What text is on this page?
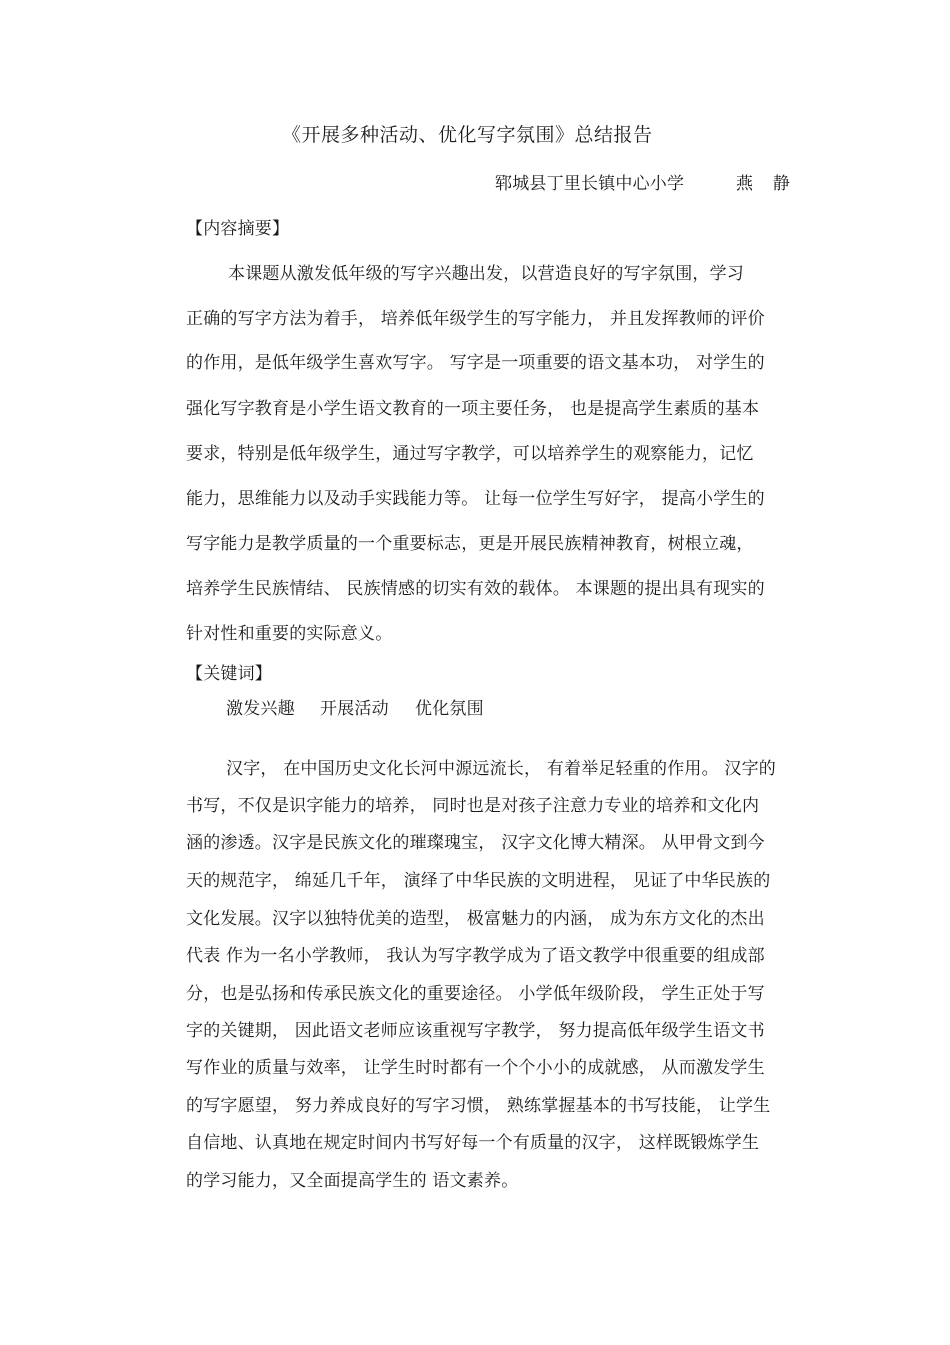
《开展多种活动、优化写字氛围》总结报告
郓城县丁里长镇中心小学	燕 静
【内容摘要】
本课题从激发低年级的写字兴趣出发，以营造良好的写字氛围，学习
正确的写字方法为着手， 培养低年级学生的写字能力， 并且发挥教师的评价
的作用，是低年级学生喜欢写字。 写字是一项重要的语文基本功， 对学生的
强化写字教育是小学生语文教育的一项主要任务， 也是提高学生素质的基本
要求，特别是低年级学生，通过写字教学，可以培养学生的观察能力，记忆
能力，思维能力以及动手实践能力等。 让每一位学生写好字， 提高小学生的
写字能力是教学质量的一个重要标志，更是开展民族精神教育，树根立魂，
培养学生民族情结、 民族情感的切实有效的载体。 本课题的提出具有现实的
针对性和重要的实际意义。
【关键词】
激发兴趣 开展活动 优化氛围
汉字， 在中国历史文化长河中源远流长， 有着举足轻重的作用。 汉字的
书写，不仅是识字能力的培养， 同时也是对孩子注意力专业的培养和文化内
涵的渗透。汉字是民族文化的璀璨瑰宝， 汉字文化博大精深。 从甲骨文到今
天的规范字， 绵延几千年， 演绎了中华民族的文明进程， 见证了中华民族的
文化发展。汉字以独特优美的造型， 极富魅力的内涵， 成为东方文化的杰出
代表 作为一名小学教师， 我认为写字教学成为了语文教学中很重要的组成部
分，也是弘扬和传承民族文化的重要途径。 小学低年级阶段， 学生正处于写
字的关键期， 因此语文老师应该重视写字教学， 努力提高低年级学生语文书
写作业的质量与效率， 让学生时时都有一个个小小的成就感， 从而激发学生
的写字愿望， 努力养成良好的写字习惯， 熟练掌握基本的书写技能， 让学生
自信地、认真地在规定时间内书写好每一个有质量的汉字， 这样既锻炼学生
的学习能力，又全面提高学生的 语文素养。
